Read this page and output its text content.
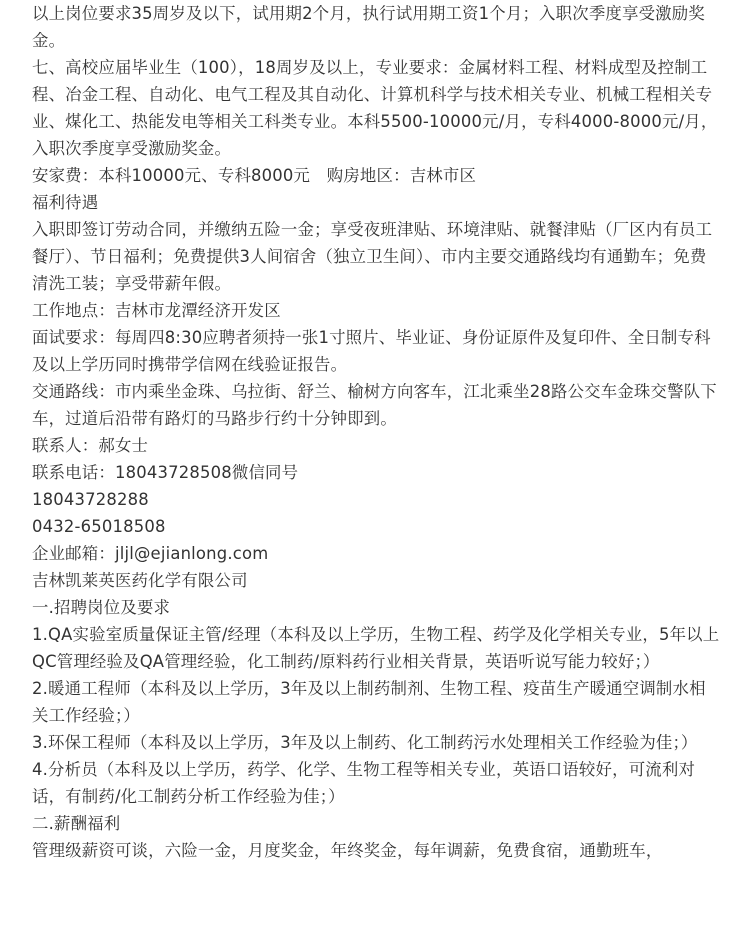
以上岗位要求35周岁及以下，试用期2个月，执行试用期工资1个月；入职次季度享受激励奖金。

七、高校应届毕业生（100），18周岁及以上，专业要求：金属材料工程、材料成型及控制工程、冶金工程、自动化、电气工程及其自动化、计算机科学与技术相关专业、机械工程相关专业、煤化工、热能发电等相关工科类专业。本科5500-10000元/月，专科4000-8000元/月，入职次季度享受激励奖金。

安家费：本科10000元、专科8000元　购房地区：吉林市区

福利待遇

入职即签订劳动合同，并缴纳五险一金；享受夜班津贴、环境津贴、就餐津贴（厂区内有员工餐厅）、节日福利；免费提供3人间宿舍（独立卫生间）、市内主要交通路线均有通勤车；免费清洗工装；享受带薪年假。

工作地点：吉林市龙潭经济开发区

面试要求：每周四8:30应聘者须持一张1寸照片、毕业证、身份证原件及复印件、全日制专科及以上学历同时携带学信网在线验证报告。

交通路线：市内乘坐金珠、乌拉街、舒兰、榆树方向客车，江北乘坐28路公交车金珠交警队下车，过道后沿带有路灯的马路步行约十分钟即到。

联系人：郝女士

联系电话：18043728508微信同号

18043728288

0432-65018508

企业邮箱：jljl@ejianlong.com

吉林凯莱英医药化学有限公司

一.招聘岗位及要求

1.QA实验室质量保证主管/经理（本科及以上学历，生物工程、药学及化学相关专业，5年以上QC管理经验及QA管理经验，化工制药/原料药行业相关背景，英语听说写能力较好；）

2.暖通工程师（本科及以上学历，3年及以上制药制剂、生物工程、疫苗生产暖通空调制水相关工作经验；）

3.环保工程师（本科及以上学历，3年及以上制药、化工制药污水处理相关工作经验为佳；）

4.分析员（本科及以上学历，药学、化学、生物工程等相关专业，英语口语较好，可流利对话，有制药/化工制药分析工作经验为佳；）

二.薪酬福利

管理级薪资可谈，六险一金，月度奖金，年终奖金，每年调薪，免费食宿，通勤班车，
